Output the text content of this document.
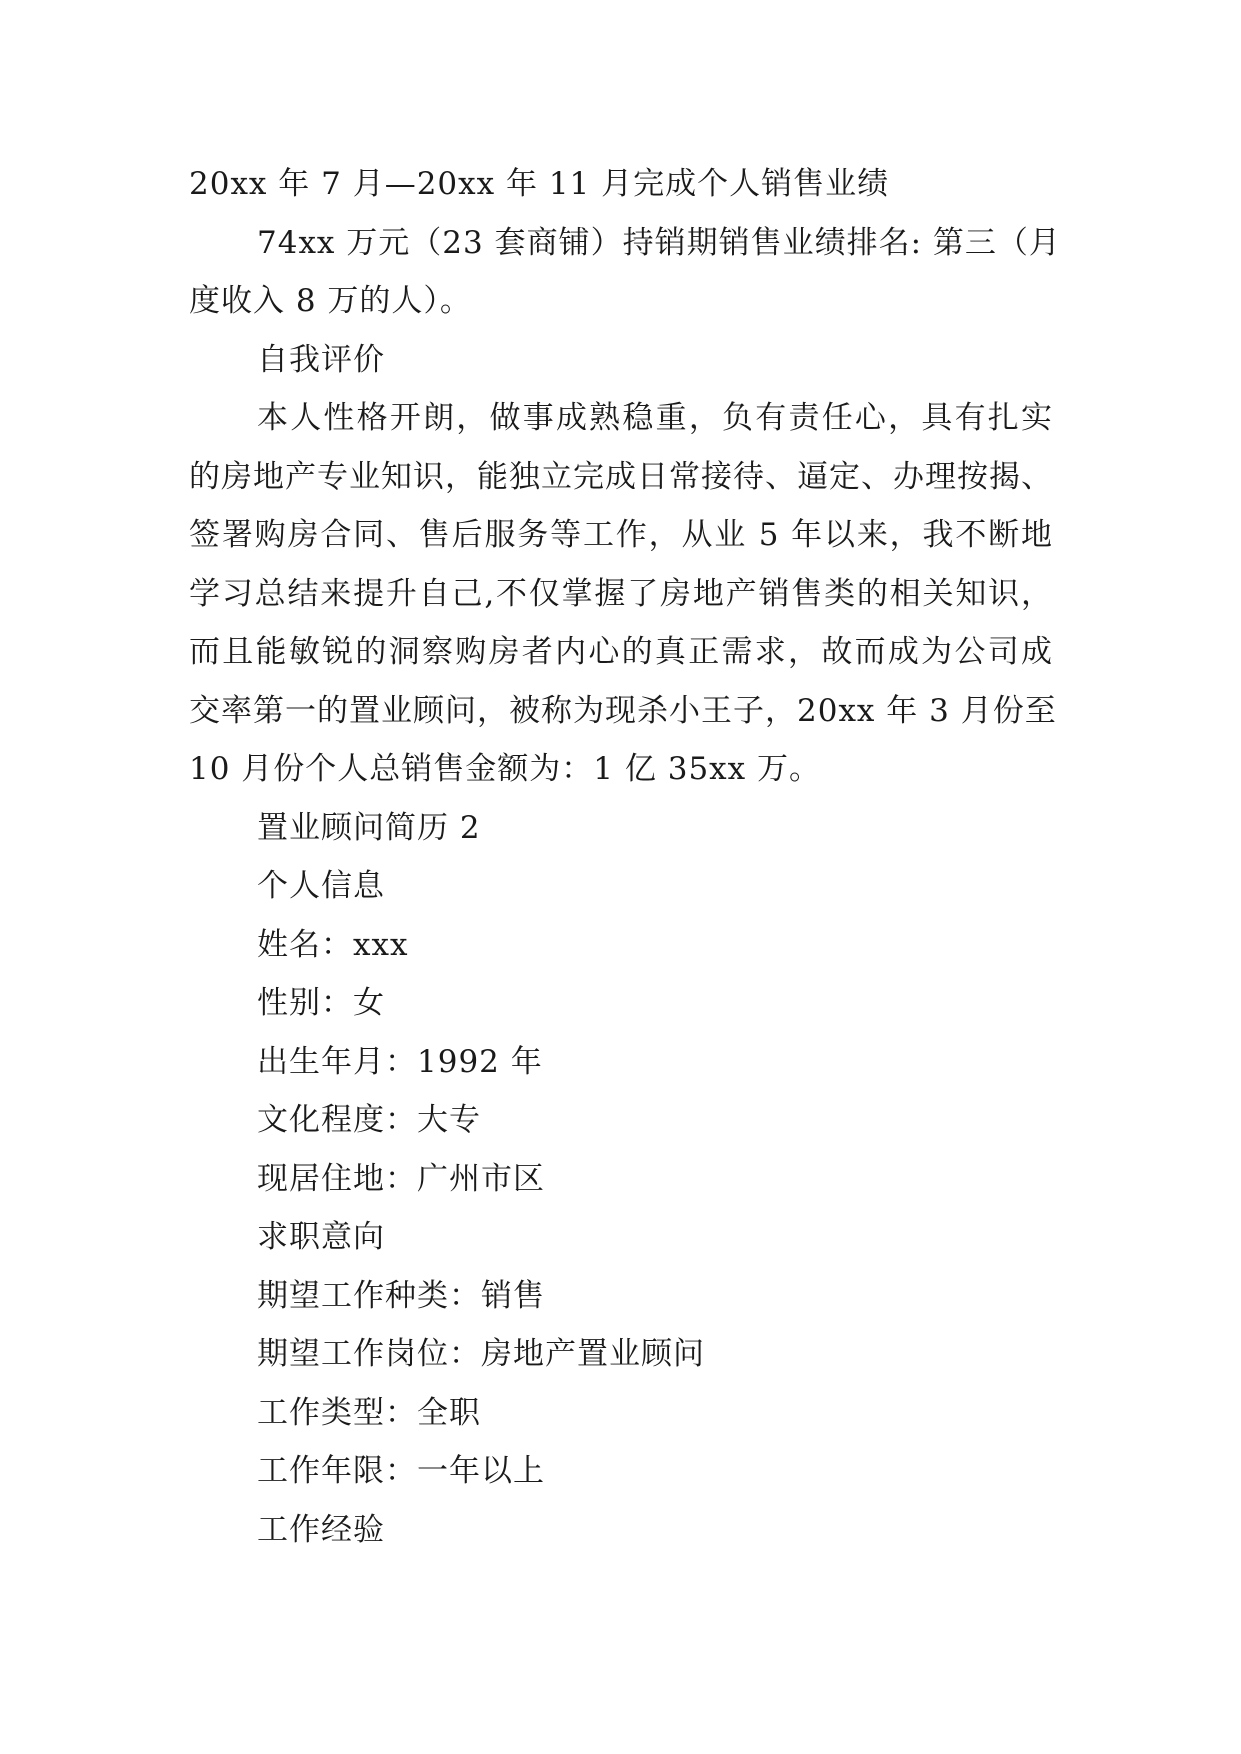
20xx 年 7 月—20xx 年 11 月完成个人销售业绩

74xx 万元（23 套商铺）持销期销售业绩排名: 第三（月

度收入 8 万的人）。

自我评价

本人性格开朗，做事成熟稳重，负有责任心，具有扎实

的房地产专业知识，能独立完成日常接待、逼定、办理按揭、

签署购房合同、售后服务等工作，从业 5 年以来，我不断地

学习总结来提升自己,不仅掌握了房地产销售类的相关知识，

而且能敏锐的洞察购房者内心的真正需求，故而成为公司成

交率第一的置业顾问，被称为现杀小王子，20xx 年 3 月份至

10 月份个人总销售金额为：1 亿 35xx 万。

置业顾问简历 2

个人信息

姓名：xxx

性别：女

出生年月：1992 年

文化程度：大专

现居住地：广州市区

求职意向

期望工作种类：销售

期望工作岗位：房地产置业顾问

工作类型：全职

工作年限：一年以上

工作经验
